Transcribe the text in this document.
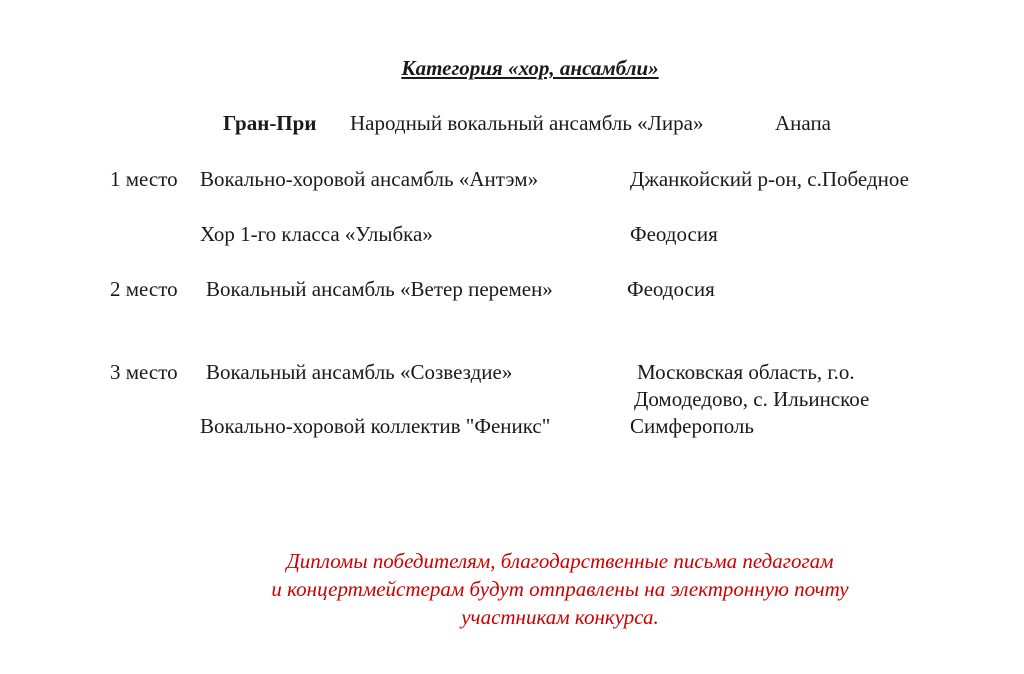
Категория «хор, ансамбли»
Гран-При Народный вокальный ансамбль «Лира»	Анапа
1 место Вокально-хоровой ансамбль «Антэм»	Джанкойский р-он, с.Победное
Хор 1-го класса «Улыбка»	Феодосия
2 место Вокальный ансамбль «Ветер перемен»	Феодосия
3 место Вокальный ансамбль «Созвездие»	Московская область, г.о.
Домодедово, с. Ильинское
Вокально-хоровой коллектив "Феникс"	Симферополь
Дипломы победителям, благодарственные письма педагогам
и концертмейстерам будут отправлены на электронную почту
участникам конкурса.
